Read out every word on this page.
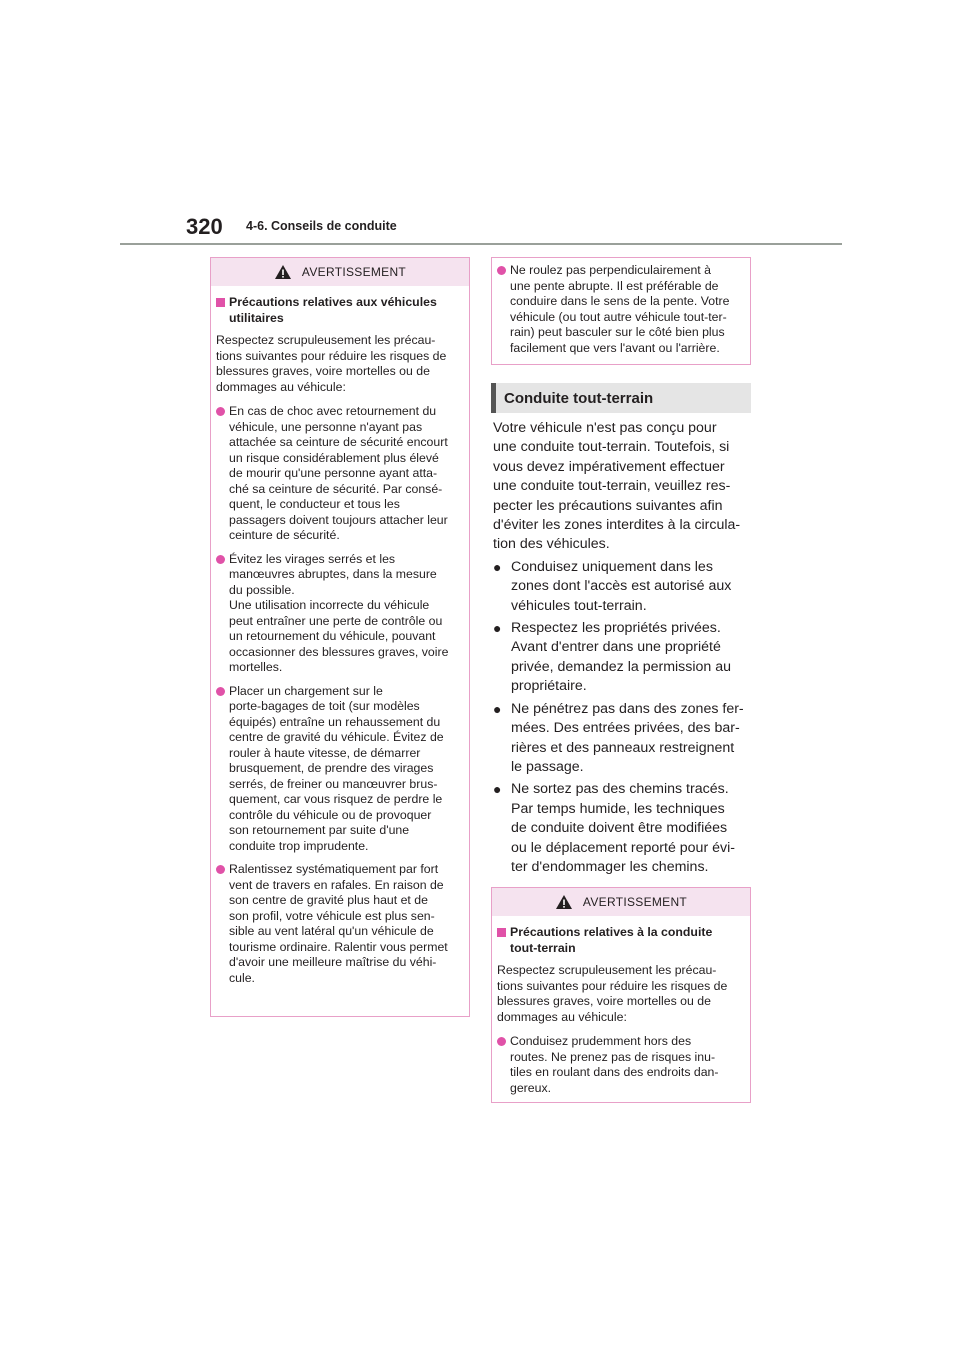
320 4-6. Conseils de conduite
AVERTISSEMENT
Précautions relatives aux véhicules
utilitaires
Respectez scrupuleusement les précau-
tions suivantes pour réduire les risques de
blessures graves, voire mortelles ou de
dommages au véhicule:
En cas de choc avec retournement du
véhicule, une personne n'ayant pas
attachée sa ceinture de sécurité encourt
un risque considérablement plus élevé
de mourir qu'une personne ayant atta-
ché sa ceinture de sécurité. Par consé-
quent, le conducteur et tous les
passagers doivent toujours attacher leur
ceinture de sécurité.
Évitez les virages serrés et les
manœuvres abruptes, dans la mesure
du possible.
Une utilisation incorrecte du véhicule
peut entraîner une perte de contrôle ou
un retournement du véhicule, pouvant
occasionner des blessures graves, voire
mortelles.
Placer un chargement sur le
porte-bagages de toit (sur modèles
équipés) entraîne un rehaussement du
centre de gravité du véhicule. Évitez de
rouler à haute vitesse, de démarrer
brusquement, de prendre des virages
serrés, de freiner ou manœuvrer brus-
quement, car vous risquez de perdre le
contrôle du véhicule ou de provoquer
son retournement par suite d'une
conduite trop imprudente.
Ralentissez systématiquement par fort
vent de travers en rafales. En raison de
son centre de gravité plus haut et de
son profil, votre véhicule est plus sen-
sible au vent latéral qu'un véhicule de
tourisme ordinaire. Ralentir vous permet
d'avoir une meilleure maîtrise du véhi-
cule.
Ne roulez pas perpendiculairement à
une pente abrupte. Il est préférable de
conduire dans le sens de la pente. Votre
véhicule (ou tout autre véhicule tout-ter-
rain) peut basculer sur le côté bien plus
facilement que vers l'avant ou l'arrière.
Conduite tout-terrain
Votre véhicule n'est pas conçu pour
une conduite tout-terrain. Toutefois, si
vous devez impérativement effectuer
une conduite tout-terrain, veuillez res-
pecter les précautions suivantes afin
d'éviter les zones interdites à la circula-
tion des véhicules.
● Conduisez uniquement dans les
zones dont l'accès est autorisé aux
véhicules tout-terrain.
● Respectez les propriétés privées.
Avant d'entrer dans une propriété
privée, demandez la permission au
propriétaire.
● Ne pénétrez pas dans des zones fer-
mées. Des entrées privées, des bar-
rières et des panneaux restreignent
le passage.
● Ne sortez pas des chemins tracés.
Par temps humide, les techniques
de conduite doivent être modifiées
ou le déplacement reporté pour évi-
ter d'endommager les chemins.
AVERTISSEMENT
Précautions relatives à la conduite
tout-terrain
Respectez scrupuleusement les précau-
tions suivantes pour réduire les risques de
blessures graves, voire mortelles ou de
dommages au véhicule:
Conduisez prudemment hors des
routes. Ne prenez pas de risques inu-
tiles en roulant dans des endroits dan-
gereux.
